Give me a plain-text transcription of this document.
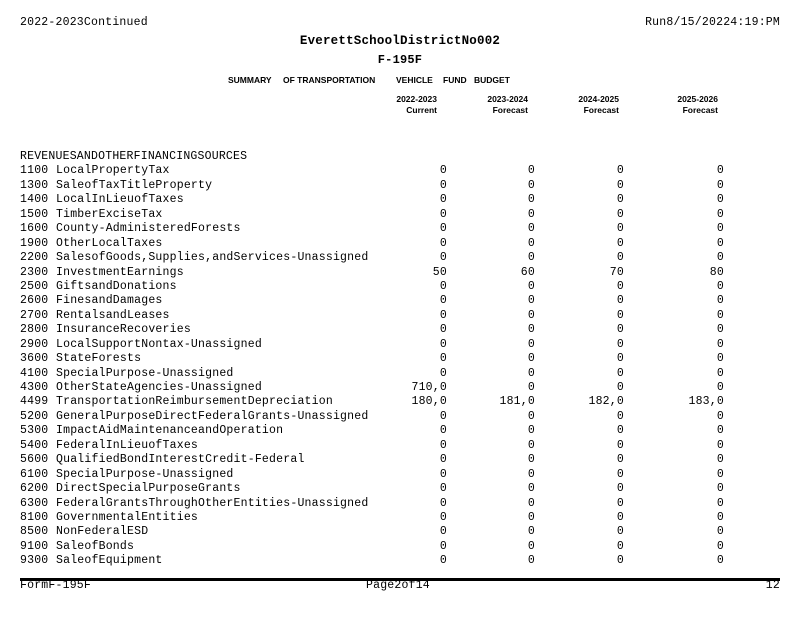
2022-2023Continued	Run8/15/20224:19:PM
EverettSchoolDistrictNo002
F-195F
SUMMARY OF TRANSPORTATION VEHICLE FUND BUDGET
2022-2023
Current
2023-2024
Forecast
2024-2025
Forecast
2025-2026
Forecast
REVENUESANDOTHERFINANCINGSOURCES
1100 LocalPropertyTax	0	0	0	0
1300 SaleofTaxTitleProperty	0	0	0	0
1400 LocalInLieuofTaxes	0	0	0	0
1500 TimberExciseTax	0	0	0	0
1600 County-AdministeredForests	0	0	0	0
1900 OtherLocalTaxes	0	0	0	0
2200 SalesofGoods,Supplies,andServices-Unassigned	0	0	0	0
2300 InvestmentEarnings	50	60	70	80
2500 GiftsandDonations	0	0	0	0
2600 FinesandDamages	0	0	0	0
2700 RentalsandLeases	0	0	0	0
2800 InsuranceRecoveries	0	0	0	0
2900 LocalSupportNontax-Unassigned	0	0	0	0
3600 StateForests	0	0	0	0
4100 SpecialPurpose-Unassigned	0	0	0	0
4300 OtherStateAgencies-Unassigned	710,0	0	0	0
4499 TransportationReimbursementDepreciation	180,0	181,0	182,0	183,0
5200 GeneralPurposeDirectFederalGrants-Unassigned	0	0	0	0
5300 ImpactAidMaintenanceandOperation	0	0	0	0
5400 FederalInLieuofTaxes	0	0	0	0
5600 QualifiedBondInterestCredit-Federal	0	0	0	0
6100 SpecialPurpose-Unassigned	0	0	0	0
6200 DirectSpecialPurposeGrants	0	0	0	0
6300 FederalGrantsThroughOtherEntities-Unassigned	0	0	0	0
8100 GovernmentalEntities	0	0	0	0
8500 NonFederalESD	0	0	0	0
9100 SaleofBonds	0	0	0	0
9300 SaleofEquipment	0	0	0	0
FormF-195F	Page2of14	12
